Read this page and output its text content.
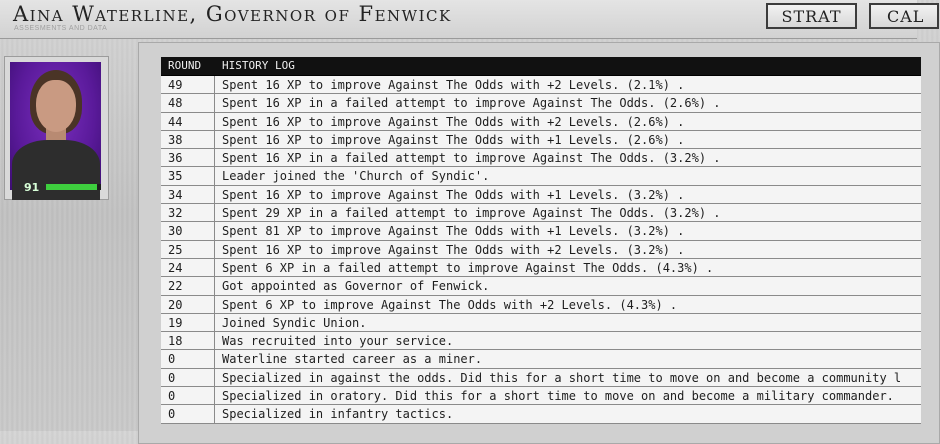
Aina Waterline, Governor of Fenwick
ASSESMENTS AND DATA
STRAT	CAL
91
ROUND	HISTORY LOG
49	Spent 16 XP to improve Against The Odds with +2 Levels. (2.1%) .
48	Spent 16 XP in a failed attempt to improve Against The Odds. (2.6%) .
44	Spent 16 XP to improve Against The Odds with +2 Levels. (2.6%) .
38	Spent 16 XP to improve Against The Odds with +1 Levels. (2.6%) .
36	Spent 16 XP in a failed attempt to improve Against The Odds. (3.2%) .
35	Leader joined the 'Church of Syndic'.
34	Spent 16 XP to improve Against The Odds with +1 Levels. (3.2%) .
32	Spent 29 XP in a failed attempt to improve Against The Odds. (3.2%) .
30	Spent 81 XP to improve Against The Odds with +1 Levels. (3.2%) .
25	Spent 16 XP to improve Against The Odds with +2 Levels. (3.2%) .
24	Spent 6 XP in a failed attempt to improve Against The Odds. (4.3%) .
22	Got appointed as Governor of Fenwick.
20	Spent 6 XP to improve Against The Odds with +2 Levels. (4.3%) .
19	Joined Syndic Union.
18	Was recruited into your service.
0	Waterline started career as a miner.
0	Specialized in against the odds. Did this for a short time to move on and become a community l
0	Specialized in oratory. Did this for a short time to move on and become a military commander.
0	Specialized in infantry tactics.
